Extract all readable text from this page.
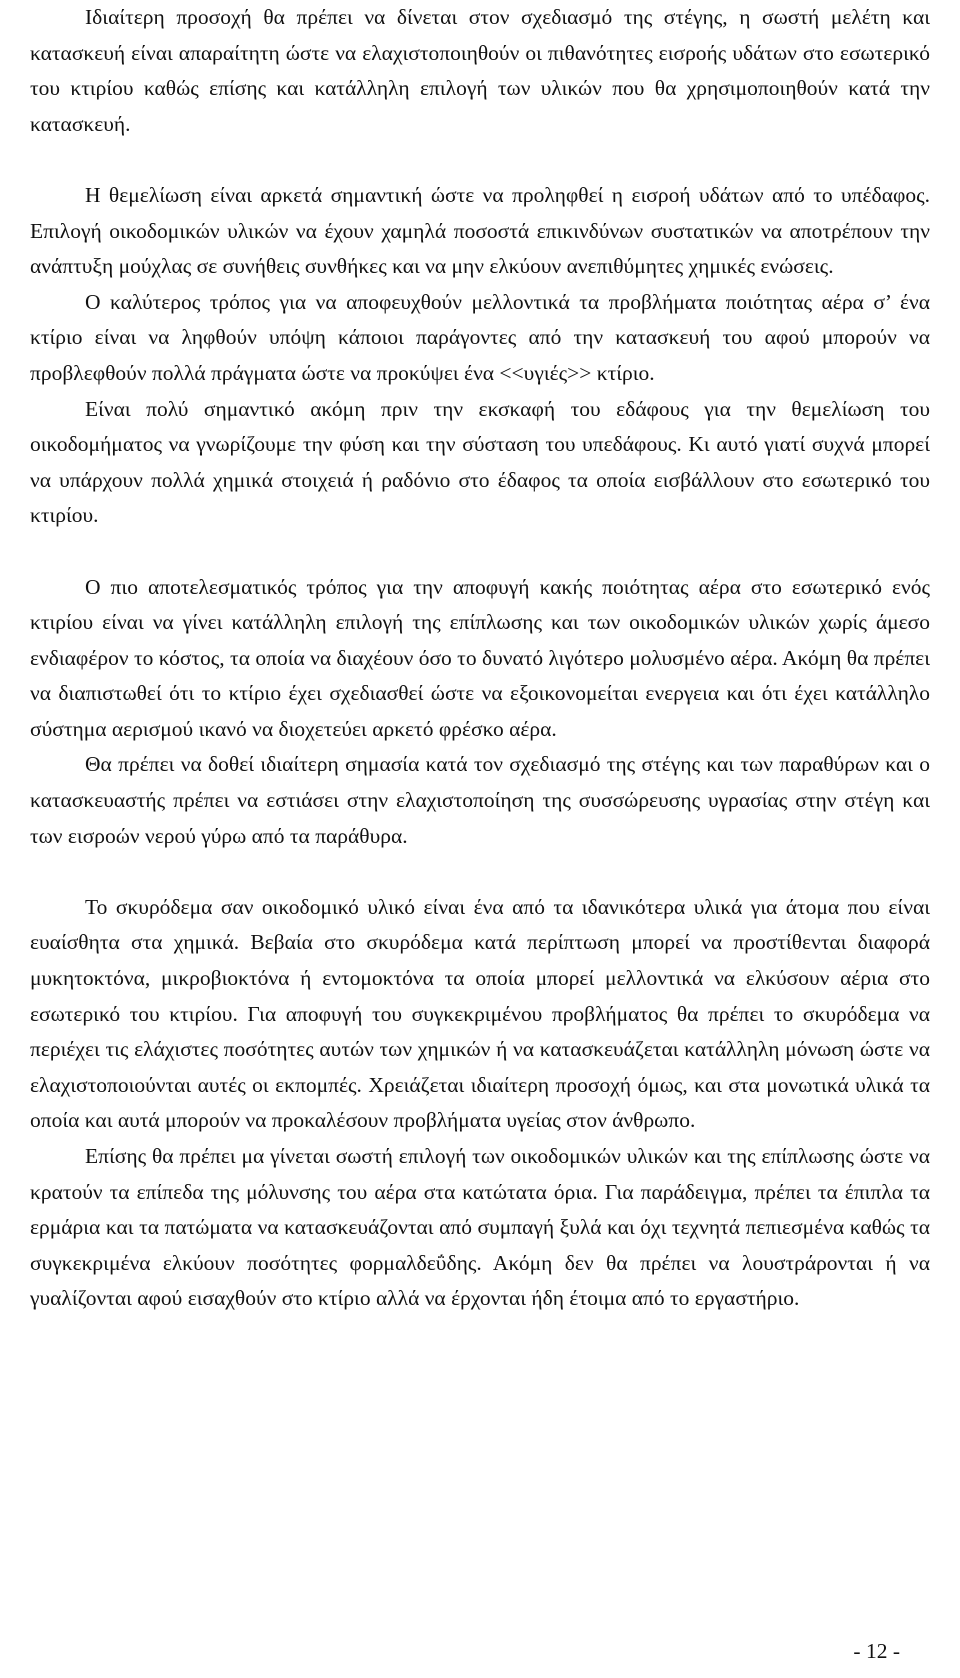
Ιδιαίτερη προσοχή θα πρέπει να δίνεται στον σχεδιασμό της στέγης, η σωστή μελέτη και κατασκευή είναι απαραίτητη ώστε να ελαχιστοποιηθούν οι πιθανότητες εισροής υδάτων στο εσωτερικό του κτιρίου καθώς επίσης και κατάλληλη επιλογή των υλικών που θα χρησιμοποιηθούν κατά την κατασκευή.

Η θεμελίωση είναι αρκετά σημαντική ώστε να προληφθεί η εισροή υδάτων από το υπέδαφος. Επιλογή οικοδομικών υλικών να έχουν χαμηλά ποσοστά επικινδύνων συστατικών να αποτρέπουν την ανάπτυξη μούχλας σε συνήθεις συνθήκες και να μην ελκύουν ανεπιθύμητες χημικές ενώσεις.

Ο καλύτερος τρόπος για να αποφευχθούν μελλοντικά τα προβλήματα ποιότητας αέρα σ’ ένα κτίριο είναι να ληφθούν υπόψη κάποιοι παράγοντες από την κατασκευή του αφού μπορούν να προβλεφθούν πολλά πράγματα ώστε να προκύψει ένα <<υγιές>> κτίριο.

Είναι πολύ σημαντικό ακόμη πριν την εκσκαφή του εδάφους για την θεμελίωση του οικοδομήματος να γνωρίζουμε την φύση και την σύσταση του υπεδάφους. Κι αυτό γιατί συχνά μπορεί να υπάρχουν πολλά χημικά στοιχειά ή ραδόνιο στο έδαφος τα οποία εισβάλλουν στο εσωτερικό του κτιρίου.

Ο πιο αποτελεσματικός τρόπος για την αποφυγή κακής ποιότητας αέρα στο εσωτερικό ενός κτιρίου είναι να γίνει κατάλληλη επιλογή της επίπλωσης και των οικοδομικών υλικών χωρίς άμεσο ενδιαφέρον το κόστος, τα οποία να διαχέουν όσο το δυνατό λιγότερο μολυσμένο αέρα. Ακόμη θα πρέπει να διαπιστωθεί ότι το κτίριο έχει σχεδιασθεί ώστε να εξοικονομείται ενεργεια και ότι έχει κατάλληλο σύστημα αερισμού ικανό να διοχετεύει αρκετό φρέσκο αέρα.

Θα πρέπει να δοθεί ιδιαίτερη σημασία κατά τον σχεδιασμό της στέγης και των παραθύρων και ο κατασκευαστής πρέπει να εστιάσει στην ελαχιστοποίηση της συσσώρευσης υγρασίας στην στέγη και των εισροών νερού γύρω από τα παράθυρα.

Το σκυρόδεμα σαν οικοδομικό υλικό είναι ένα από τα ιδανικότερα υλικά για άτομα που είναι ευαίσθητα στα χημικά. Βεβαία στο σκυρόδεμα κατά περίπτωση μπορεί να προστίθενται διαφορά μυκητοκτόνα, μικροβιοκτόνα ή εντομοκτόνα τα οποία μπορεί μελλοντικά να ελκύσουν αέρια στο εσωτερικό του κτιρίου. Για αποφυγή του συγκεκριμένου προβλήματος θα πρέπει το σκυρόδεμα να περιέχει τις ελάχιστες ποσότητες αυτών των χημικών ή να κατασκευάζεται κατάλληλη μόνωση ώστε να ελαχιστοποιούνται αυτές οι εκπομπές. Χρειάζεται ιδιαίτερη προσοχή όμως, και στα μονωτικά υλικά τα οποία και αυτά μπορούν να προκαλέσουν προβλήματα υγείας στον άνθρωπο.

Επίσης θα πρέπει μα γίνεται σωστή επιλογή των οικοδομικών υλικών και της επίπλωσης ώστε να κρατούν τα επίπεδα της μόλυνσης του αέρα στα κατώτατα όρια. Για παράδειγμα, πρέπει τα έπιπλα τα ερμάρια και τα πατώματα να κατασκευάζονται από συμπαγή ξυλά και όχι τεχνητά πεπιεσμένα καθώς τα συγκεκριμένα ελκύουν ποσότητες φορμαλδεΰδης. Ακόμη δεν θα πρέπει να λουστράρονται ή να γυαλίζονται αφού εισαχθούν στο κτίριο αλλά να έρχονται ήδη έτοιμα από το εργαστήριο.

- 12 -
